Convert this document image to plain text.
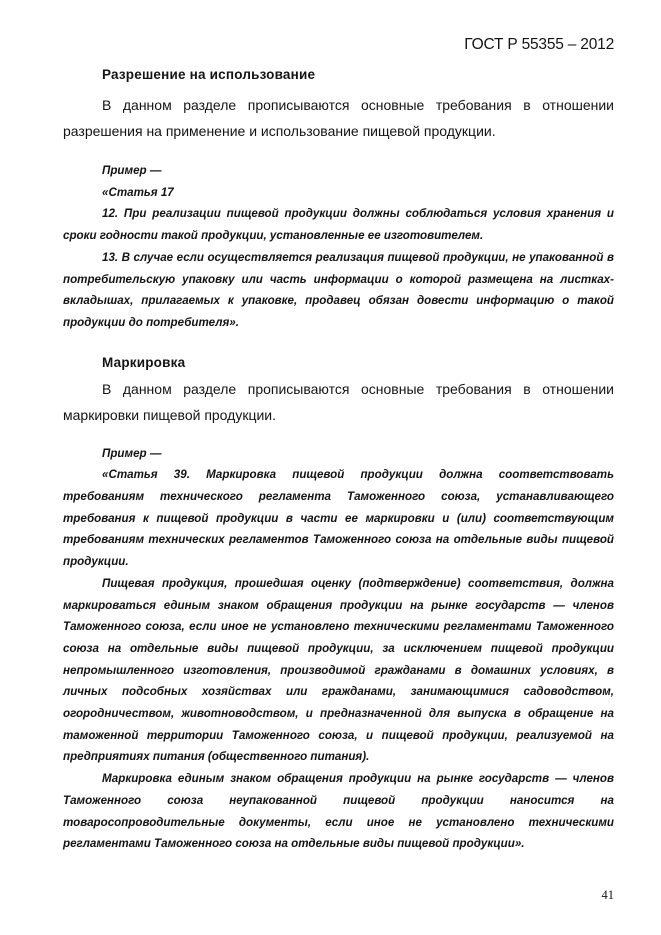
ГОСТ Р 55355 – 2012

Разрешение на использование

В данном разделе прописываются основные требования в отношении разрешения на применение и использование пищевой продукции.

Пример —

«Статья 17

12. При реализации пищевой продукции должны соблюдаться условия хранения и сроки годности такой продукции, установленные ее изготовителем.

13. В случае если осуществляется реализация пищевой продукции, не упакованной в потребительскую упаковку или часть информации о которой размещена на листках-вкладышах, прилагаемых к упаковке, продавец обязан довести информацию о такой продукции до потребителя».

Маркировка

В данном разделе прописываются основные требования в отношении маркировки пищевой продукции.

Пример —

«Статья 39. Маркировка пищевой продукции должна соответствовать требованиям технического регламента Таможенного союза, устанавливающего требования к пищевой продукции в части ее маркировки и (или) соответствующим требованиям технических регламентов Таможенного союза на отдельные виды пищевой продукции.

Пищевая продукция, прошедшая оценку (подтверждение) соответствия, должна маркироваться единым знаком обращения продукции на рынке государств — членов Таможенного союза, если иное не установлено техническими регламентами Таможенного союза на отдельные виды пищевой продукции, за исключением пищевой продукции непромышленного изготовления, производимой гражданами в домашних условиях, в личных подсобных хозяйствах или гражданами, занимающимися садоводством, огородничеством, животноводством, и предназначенной для выпуска в обращение на таможенной территории Таможенного союза, и пищевой продукции, реализуемой на предприятиях питания (общественного питания).

Маркировка единым знаком обращения продукции на рынке государств — членов Таможенного союза неупакованной пищевой продукции наносится на товаросопроводительные документы, если иное не установлено техническими регламентами Таможенного союза на отдельные виды пищевой продукции».

41
